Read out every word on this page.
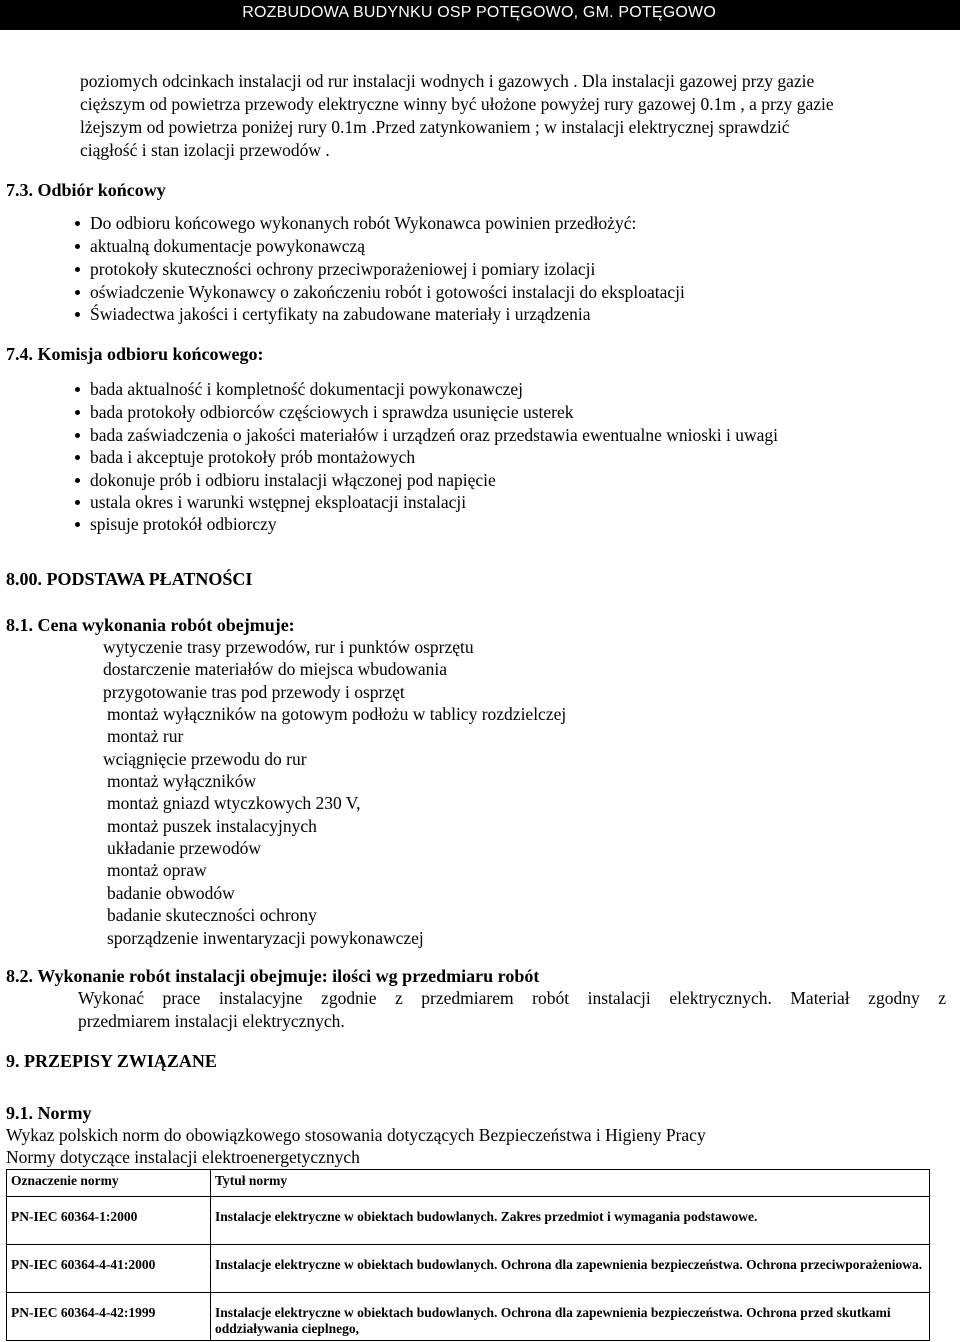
ROZBUDOWA BUDYNKU OSP POTĘGOWO, GM. POTĘGOWO
poziomych odcinkach instalacji od rur instalacji wodnych i gazowych . Dla instalacji gazowej przy gazie
cięższym od powietrza przewody elektryczne winny być ułożone powyżej rury gazowej 0.1m , a przy gazie
lżejszym od powietrza poniżej rury 0.1m .Przed zatynkowaniem ; w instalacji elektrycznej sprawdzić
ciągłość i stan izolacji przewodów .
7.3. Odbiór końcowy
Do odbioru końcowego wykonanych robót Wykonawca powinien przedłożyć:
aktualną dokumentacje powykonawczą
protokoły skuteczności ochrony przeciwporażeniowej i pomiary izolacji
oświadczenie Wykonawcy o zakończeniu robót i gotowości instalacji do eksploatacji
Świadectwa jakości i certyfikaty na zabudowane materiały i urządzenia
7.4. Komisja odbioru końcowego:
bada aktualność i kompletność dokumentacji powykonawczej
bada protokoły odbiorców częściowych i sprawdza usunięcie usterek
bada zaświadczenia o jakości materiałów i urządzeń oraz przedstawia ewentualne wnioski i uwagi
bada i akceptuje protokoły prób montażowych
dokonuje prób i odbioru instalacji włączonej pod napięcie
ustala okres i warunki wstępnej eksploatacji instalacji
spisuje protokół odbiorczy
8.00. PODSTAWA PŁATNOŚCI
8.1. Cena wykonania robót obejmuje:
wytyczenie trasy przewodów, rur i punktów osprzętu
dostarczenie materiałów do miejsca wbudowania
przygotowanie tras pod przewody i osprzęt
montaż wyłączników na gotowym podłożu w tablicy rozdzielczej
montaż rur
wciągnięcie przewodu do rur
montaż wyłączników
montaż gniazd wtyczkowych 230 V,
montaż puszek instalacyjnych
układanie przewodów
montaż opraw
badanie obwodów
badanie skuteczności ochrony
sporządzenie inwentaryzacji powykonawczej
8.2. Wykonanie robót instalacji obejmuje: ilości wg przedmiaru robót
Wykonać prace instalacyjne zgodnie z przedmiarem robót instalacji elektrycznych. Materiał zgodny z
przedmiarem instalacji elektrycznych.
9. PRZEPISY ZWIĄZANE
9.1. Normy
Wykaz polskich norm do obowiązkowego stosowania dotyczących Bezpieczeństwa i Higieny Pracy
Normy dotyczące instalacji elektroenergetycznych
Oznaczenie normy	Tytuł normy
PN-IEC 60364-1:2000	Instalacje elektryczne w obiektach budowlanych. Zakres przedmiot i wymagania podstawowe.
PN-IEC 60364-4-41:2000	Instalacje elektryczne w obiektach budowlanych. Ochrona dla zapewnienia bezpieczeństwa. Ochrona przeciwporażeniowa.
PN-IEC 60364-4-42:1999	Instalacje elektryczne w obiektach budowlanych. Ochrona dla zapewnienia bezpieczeństwa. Ochrona przed skutkami oddziaływania cieplnego,
